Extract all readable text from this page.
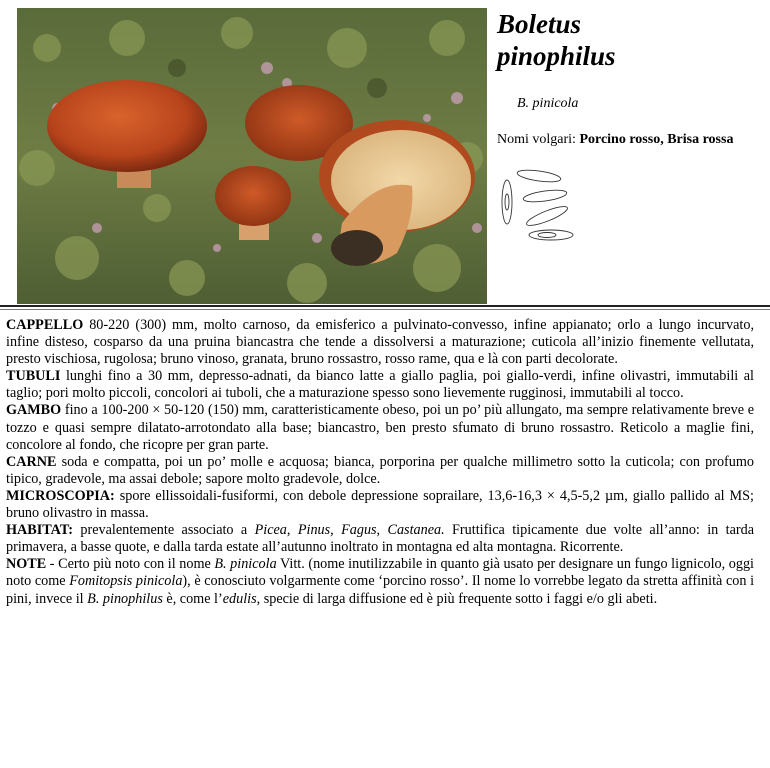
Boletus
pinophilus
B. pinicola
Nomi volgari: Porcino rosso, Brisa rossa

CAPPELLO 80-220 (300) mm, molto carnoso, da emisferico a pulvinato-convesso, infine appianato; orlo a lungo incurvato, infine disteso, cosparso da una pruina biancastra che tende a dissolversi a maturazione; cuticola all’inizio finemente vellutata, presto vischiosa, rugolosa; bruno vinoso, granata, bruno rossastro, rosso rame, qua e là con parti decolorate.

TUBULI lunghi fino a 30 mm, depresso-adnati, da bianco latte a giallo paglia, poi giallo-verdi, infine olivastri, immutabili al taglio; pori molto piccoli, concolori ai tuboli, che a maturazione spesso sono lievemente rugginosi, immutabili al tocco.

GAMBO fino a 100-200 × 50-120 (150) mm, caratteristicamente obeso, poi un po’ più allungato, ma sempre relativamente breve e tozzo e quasi sempre dilatato-arrotondato alla base; biancastro, ben presto sfumato di bruno rossastro. Reticolo a maglie fini, concolore al fondo, che ricopre per gran parte.

CARNE soda e compatta, poi un po’ molle e acquosa; bianca, porporina per qualche millimetro sotto la cuticola; con profumo tipico, gradevole, ma assai debole; sapore molto gradevole, dolce.

MICROSCOPIA: spore ellissoidali-fusiformi, con debole depressione soprailare, 13,6-16,3 × 4,5-5,2 µm, giallo pallido al MS; bruno olivastro in massa.

HABITAT: prevalentemente associato a Picea, Pinus, Fagus, Castanea. Fruttifica tipicamente due volte all’anno: in tarda primavera, a basse quote, e dalla tarda estate all’autunno inoltrato in montagna ed alta montagna. Ricorrente.

NOTE - Certo più noto con il nome B. pinicola Vitt. (nome inutilizzabile in quanto già usato per designare un fungo lignicolo, oggi noto come Fomitopsis pinicola), è conosciuto volgarmente come ‘porcino rosso’. Il nome lo vorrebbe legato da stretta affinità con i pini, invece il B. pinophilus è, come l’edulis, specie di larga diffusione ed è più frequente sotto i faggi e/o gli abeti.
